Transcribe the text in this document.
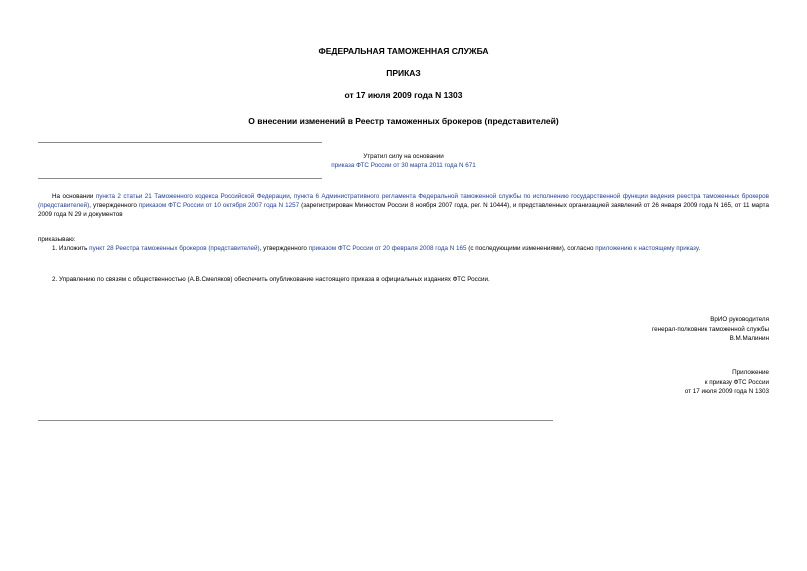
ФЕДЕРАЛЬНАЯ ТАМОЖЕННАЯ СЛУЖБА
ПРИКАЗ
от 17 июля 2009 года N 1303
О внесении изменений в Реестр таможенных брокеров (представителей)
Утратил силу на основании
приказа ФТС России от 30 марта 2011 года N 671
На основании пункта 2 статьи 21 Таможенного кодекса Российской Федерации, пункта 6 Административного регламента Федеральной таможенной службы по исполнению государственной функции ведения реестра таможенных брокеров (представителей), утвержденного приказом ФТС России от 10 октября 2007 года N 1257 (зарегистрирован Минюстом России 8 ноября 2007 года, рег. N 10444), и представленных организацией заявлений от 26 января 2009 года N 165, от 11 марта 2009 года N 29 и документов
приказываю:
1. Изложить пункт 28 Реестра таможенных брокеров (представителей), утвержденного приказом ФТС России от 20 февраля 2008 года N 165 (с последующими изменениями), согласно приложению к настоящему приказу.
2. Управлению по связям с общественностью (А.В.Смеляков) обеспечить опубликование настоящего приказа в официальных изданиях ФТС России.
ВрИО руководителя
генерал-полковник таможенной службы
В.М.Малинин
Приложение
к приказу ФТС России
от 17 июля 2009 года N 1303
